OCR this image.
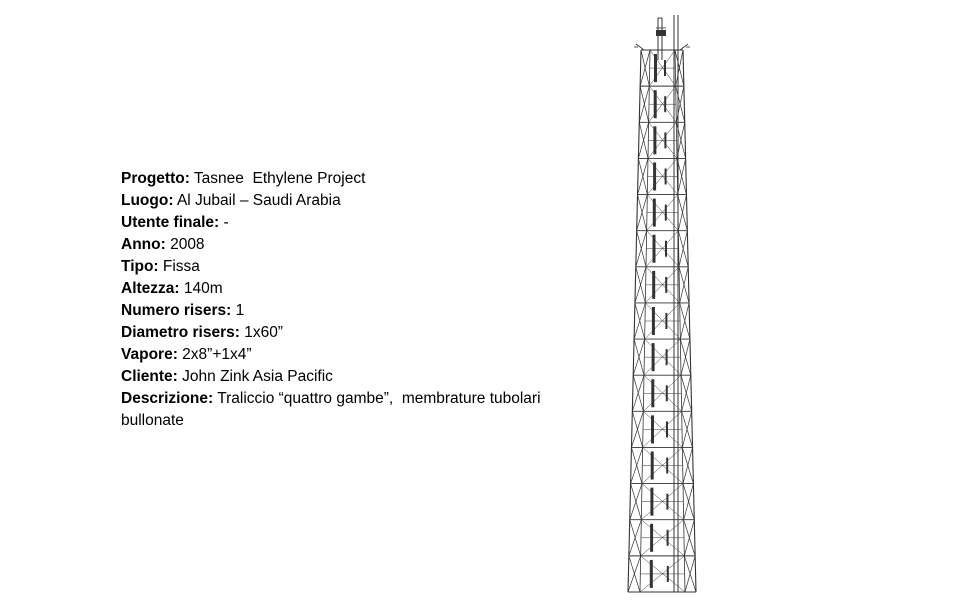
Progetto: Tasnee  Ethylene Project
Luogo: Al Jubail – Saudi Arabia
Utente finale: -
Anno: 2008
Tipo: Fissa
Altezza: 140m
Numero risers: 1
Diametro risers: 1x60”
Vapore: 2x8”+1x4”
Cliente: John Zink Asia Pacific
Descrizione: Traliccio “quattro gambe”,  membrature tubolari bullonate
